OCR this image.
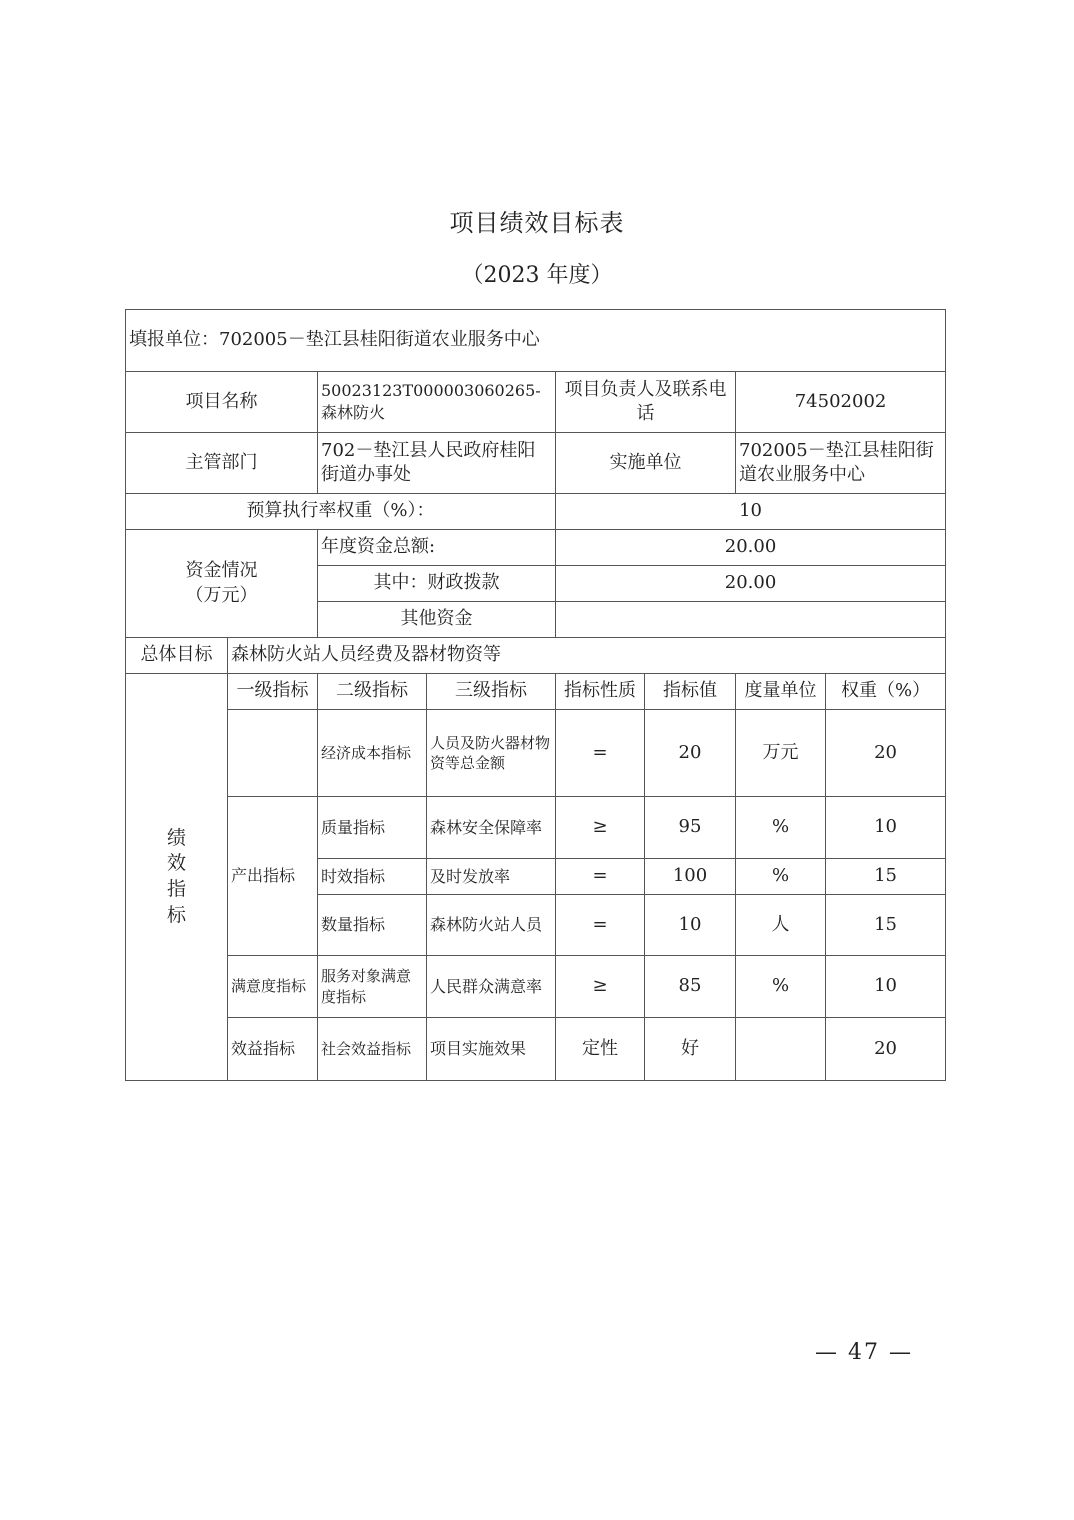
项目绩效目标表
（2023 年度）
填报单位：702005－垫江县桂阳街道农业服务中心							
项目名称		50023123T000003060265-森林防火		项目负责人及联系电话		74502002	
主管部门		702－垫江县人民政府桂阳 街道办事处		实施单位		702005－垫江县桂阳街 道农业服务中心	
预算执行率权重（%）：				10			
资金情况（万元）		年度资金总额:		20.00			
		其中：财政拨款		20.00			
		其他资金					
总体目标	森林防火站人员经费及器材物资等						

绩效指标	一级指标	二级指标	三级指标	指标性质	指标值	度量单位	权重（%）
		经济成本指标	人员及防火器材物资等总金额	=	20	万元	20
	产出指标	质量指标	森林安全保障率	≥	95	%	10
		时效指标	及时发放率	=	100	%	15
		数量指标	森林防火站人员	=	10	人	15
	满意度指标	服务对象满意度指标	人民群众满意率	≥	85	%	10
	效益指标	社会效益指标	项目实施效果	定性	好		20
— 47 —
